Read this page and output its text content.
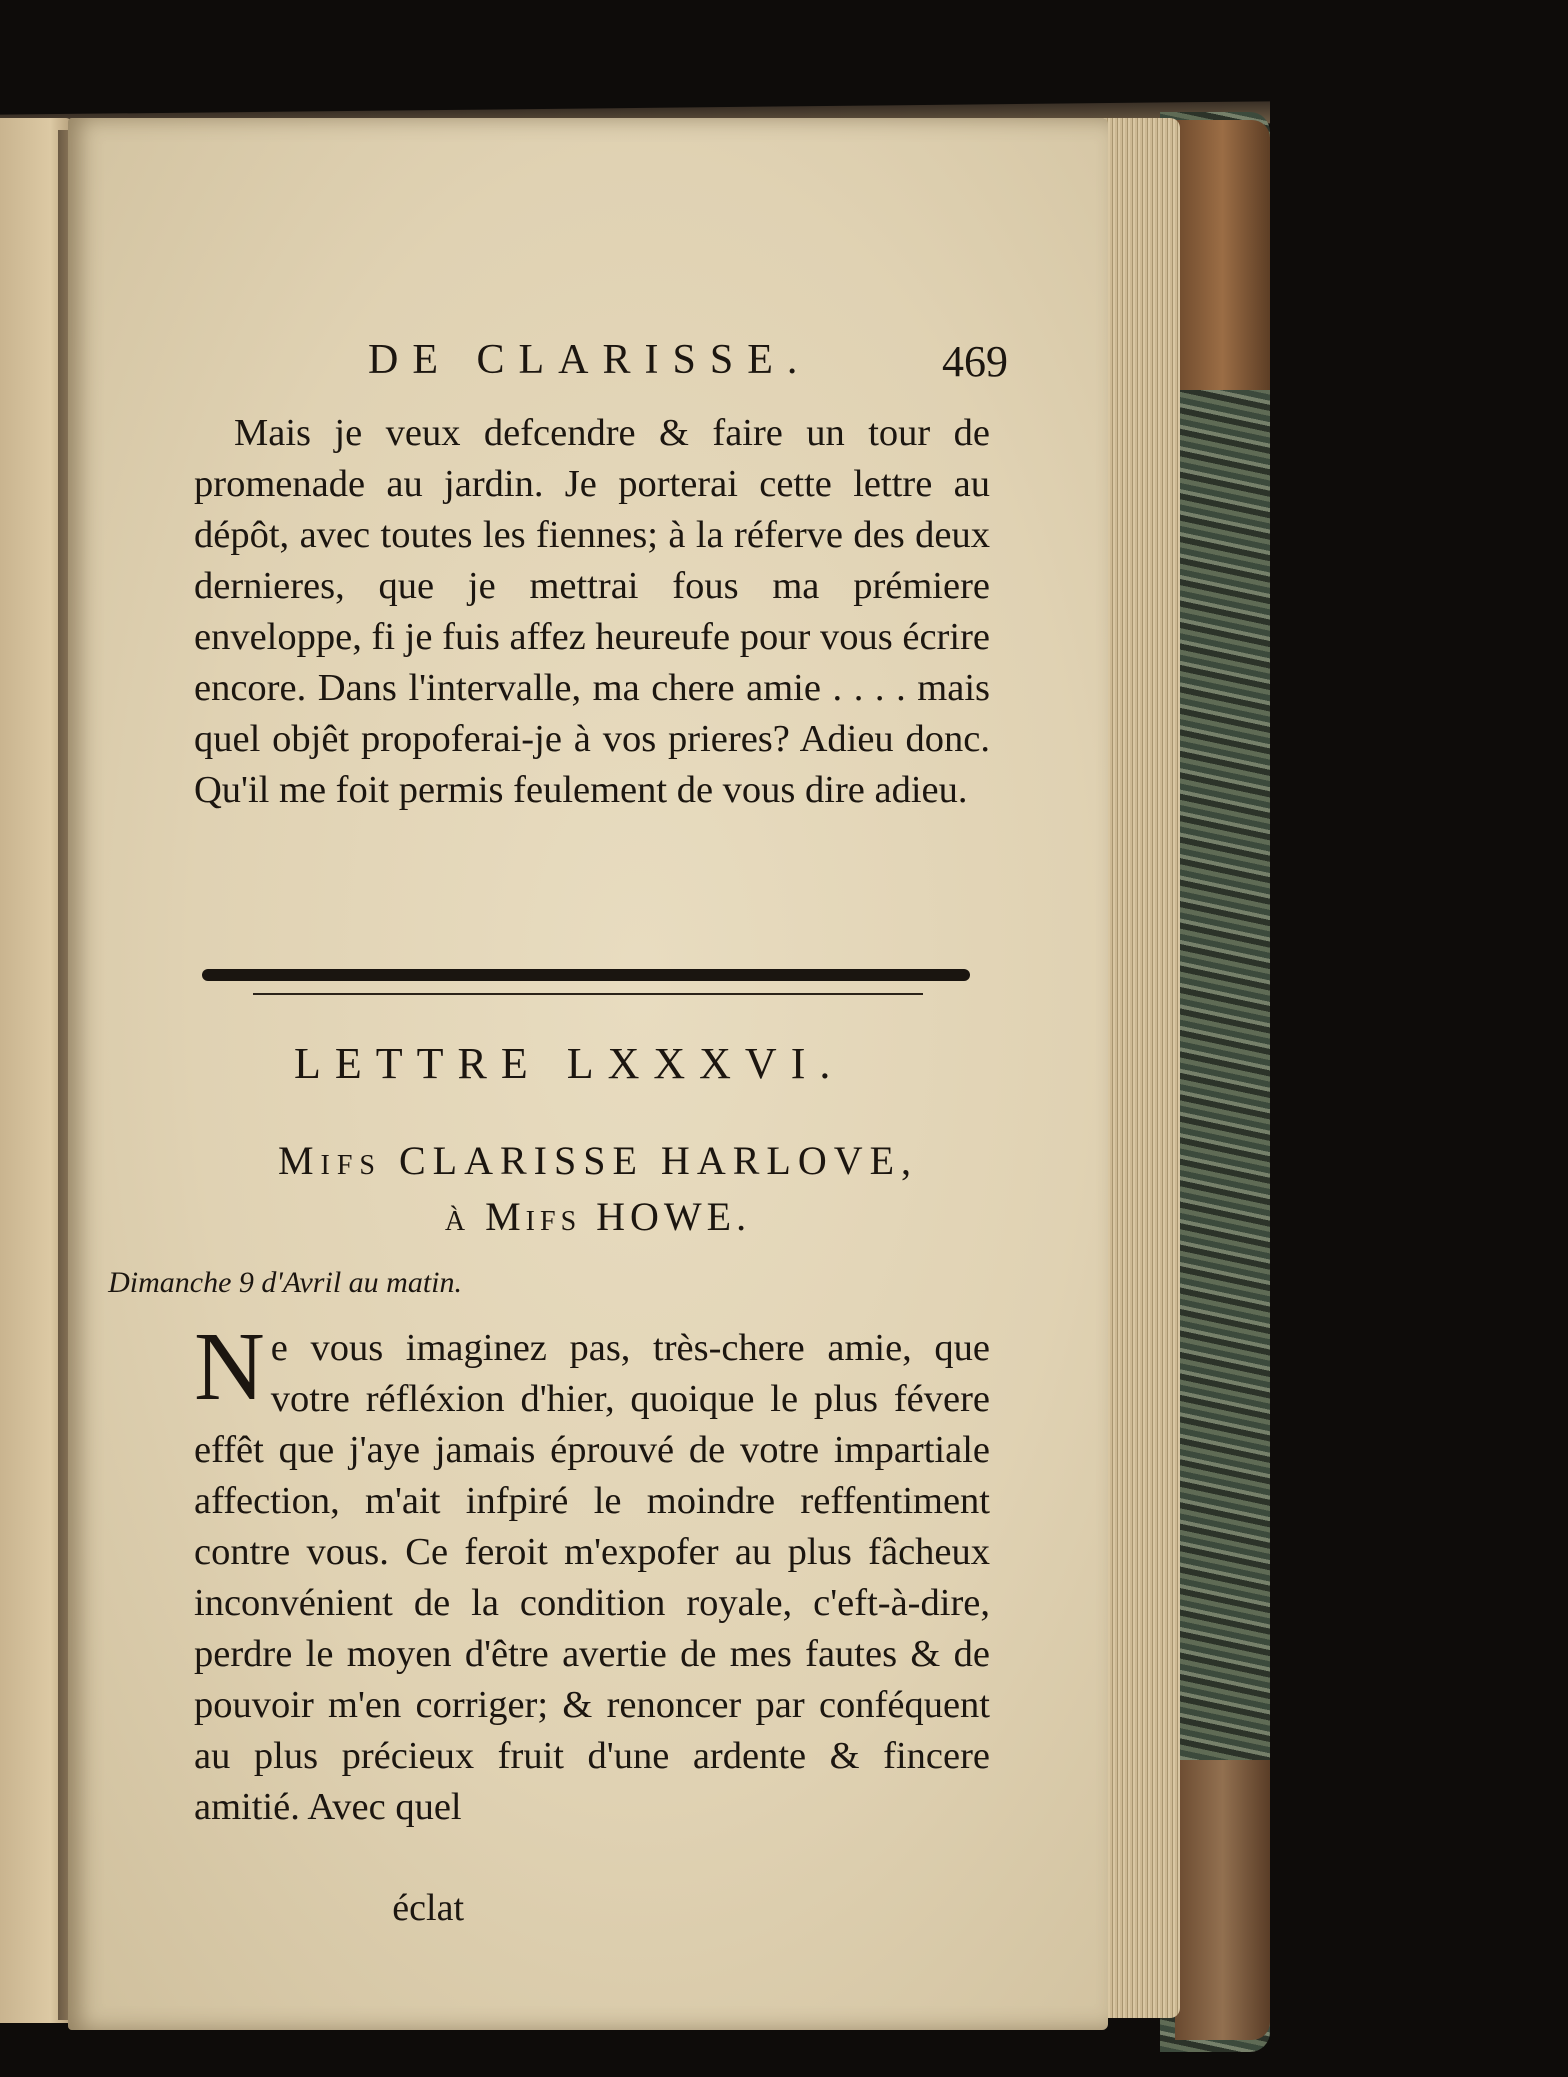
DE CLARISSE.	469
Mais je veux defcendre & faire un tour de promenade au jardin. Je porterai cette lettre au dépôt, avec toutes les fiennes; à la réferve des deux dernieres, que je mettrai fous ma prémiere enveloppe, fi je fuis affez heureufe pour vous écrire encore. Dans l'intervalle, ma chere amie . . . . mais quel objêt propoferai-je à vos prieres? Adieu donc. Qu'il me foit permis feulement de vous dire adieu.
LETTRE LXXXVI.
Mifs CLARISSE HARLOVE,
à Mifs HOWE.
Dimanche 9 d'Avril au matin.
Ne vous imaginez pas, très-chere amie, que votre réfléxion d'hier, quoique le plus févere effêt que j'aye jamais éprouvé de votre impartiale affection, m'ait infpiré le moindre reffentiment contre vous. Ce feroit m'expofer au plus fâcheux inconvénient de la condition royale, c'eft-à-dire, perdre le moyen d'être avertie de mes fautes & de pouvoir m'en corriger; & renoncer par conféquent au plus précieux fruit d'une ardente & fincere amitié. Avec quel
éclat
